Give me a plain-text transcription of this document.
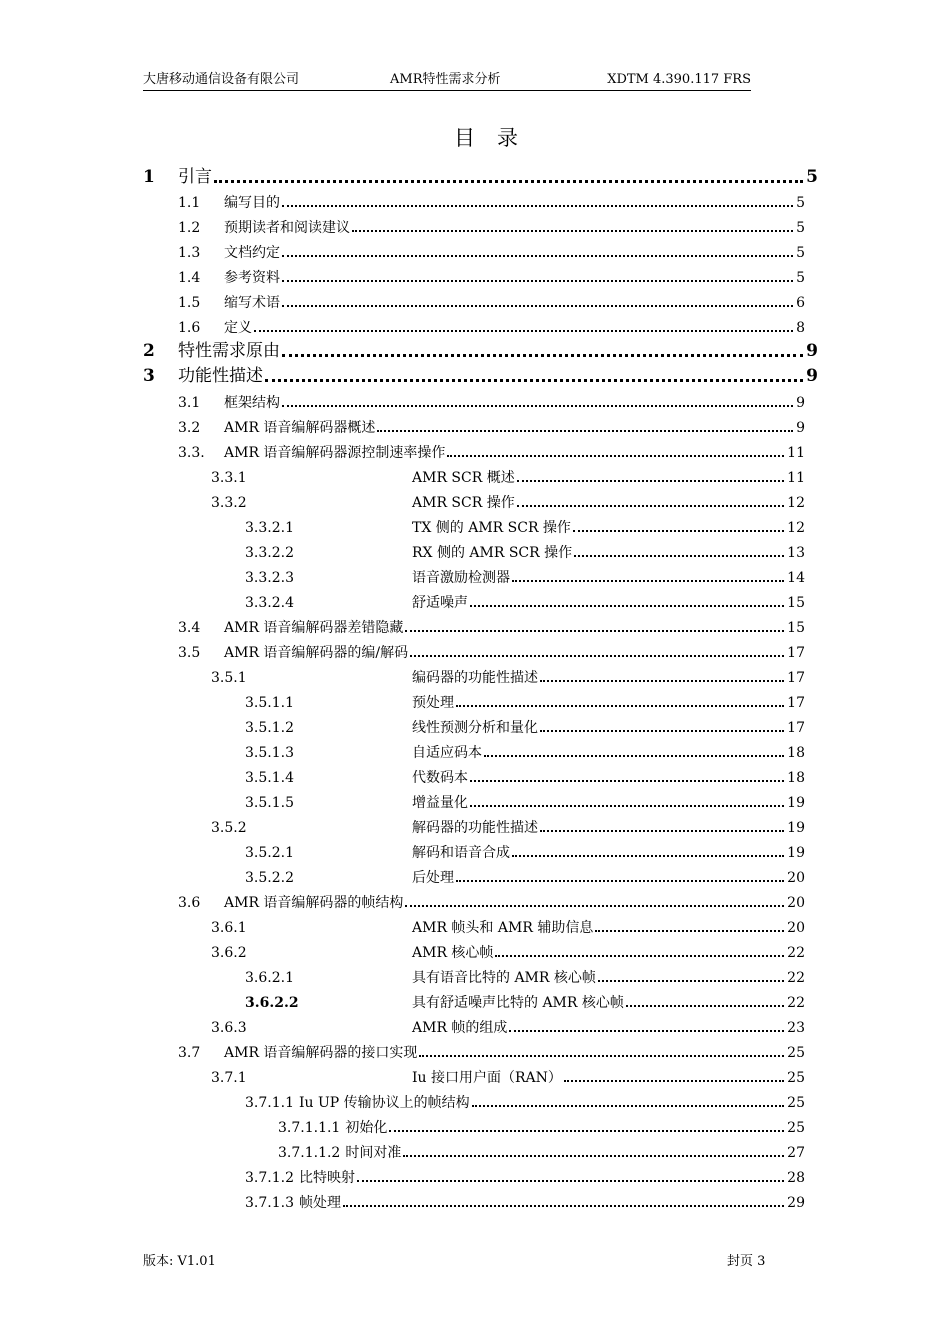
大唐移动通信设备有限公司	AMR特性需求分析	XDTM 4.390.117 FRS
目录
1	引言	5
1.1	编写目的	5
1.2	预期读者和阅读建议	5
1.3	文档约定	5
1.4	参考资料	5
1.5	缩写术语	6
1.6	定义	8
2	特性需求原由	9
3	功能性描述	9
3.1	框架结构	9
3.2	AMR 语音编解码器概述	9
3.3.	AMR 语音编解码器源控制速率操作	11
3.3.1	AMR SCR 概述	11
3.3.2	AMR SCR 操作	12
3.3.2.1	TX 侧的 AMR SCR 操作	12
3.3.2.2	RX 侧的 AMR SCR 操作	13
3.3.2.3	语音激励检测器	14
3.3.2.4	舒适噪声	15
3.4	AMR 语音编解码器差错隐藏	15
3.5	AMR 语音编解码器的编/解码	17
3.5.1	编码器的功能性描述	17
3.5.1.1	预处理	17
3.5.1.2	线性预测分析和量化	17
3.5.1.3	自适应码本	18
3.5.1.4	代数码本	18
3.5.1.5	增益量化	19
3.5.2	解码器的功能性描述	19
3.5.2.1	解码和语音合成	19
3.5.2.2	后处理	20
3.6	AMR 语音编解码器的帧结构	20
3.6.1	AMR 帧头和 AMR 辅助信息	20
3.6.2	AMR 核心帧	22
3.6.2.1	具有语音比特的 AMR 核心帧	22
3.6.2.2	具有舒适噪声比特的 AMR 核心帧	22
3.6.3	AMR 帧的组成	23
3.7	AMR 语音编解码器的接口实现	25
3.7.1	Iu 接口用户面（RAN）	25
3.7.1.1 Iu UP 传输协议上的帧结构	25
3.7.1.1.1 初始化	25
3.7.1.1.2 时间对准	27
3.7.1.2 比特映射	28
3.7.1.3 帧处理	29
版本: V1.01	封页 3
